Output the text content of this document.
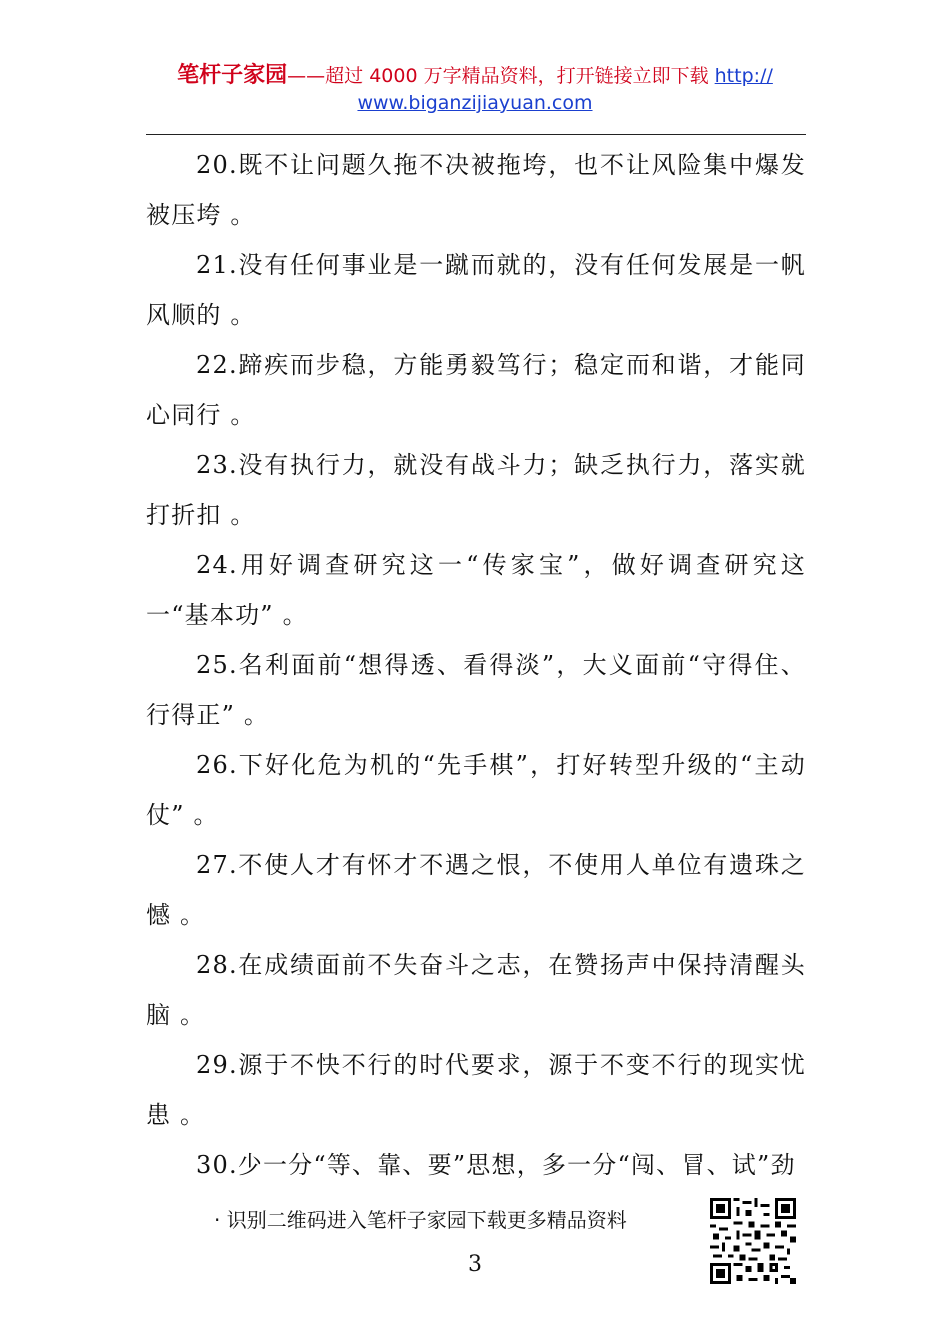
笔杆子家园——超过 4000 万字精品资料，打开链接立即下载 http://
www.biganzijiayuan.com

20.既不让问题久拖不决被拖垮，也不让风险集中爆发被压垮 。

21.没有任何事业是一蹴而就的，没有任何发展是一帆风顺的 。

22.蹄疾而步稳，方能勇毅笃行；稳定而和谐，才能同心同行 。

23.没有执行力，就没有战斗力；缺乏执行力，落实就打折扣 。

24.用好调查研究这一“传家宝”，做好调查研究这一“基本功” 。

25.名利面前“想得透、看得淡”，大义面前“守得住、行得正” 。

26.下好化危为机的“先手棋”，打好转型升级的“主动仗” 。

27.不使人才有怀才不遇之恨，不使用人单位有遗珠之憾 。

28.在成绩面前不失奋斗之志，在赞扬声中保持清醒头脑 。

29.源于不快不行的时代要求，源于不变不行的现实忧患 。

30.少一分“等、靠、要”思想，多一分“闯、冒、试”劲

· 识别二维码进入笔杆子家园下载更多精品资料
3
